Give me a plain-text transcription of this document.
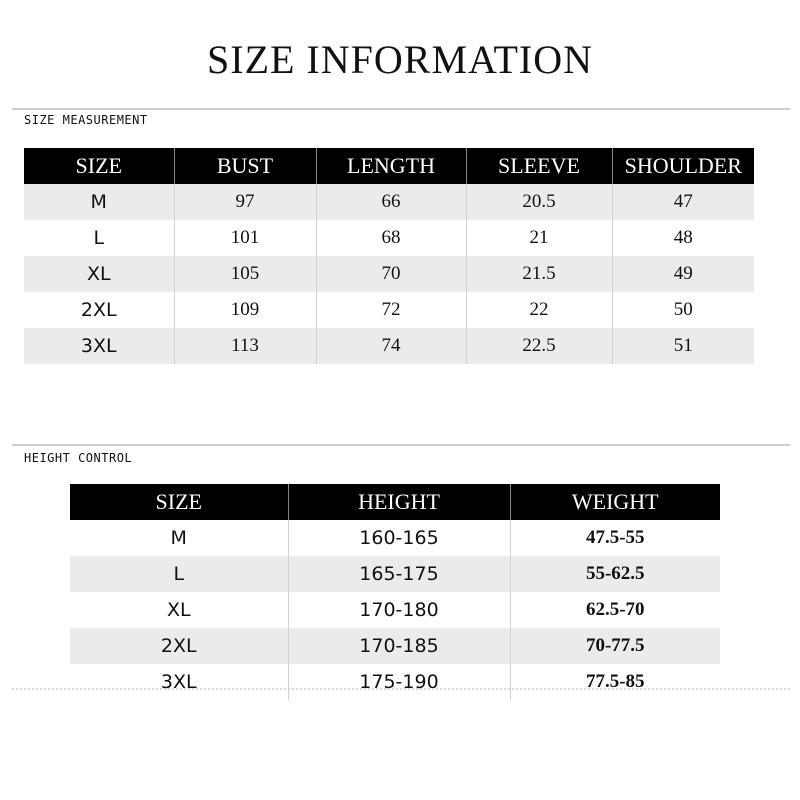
SIZE INFORMATION
SIZE MEASUREMENT
SIZE	BUST	LENGTH	SLEEVE	SHOULDER
M	97	66	20.5	47
L	101	68	21	48
XL	105	70	21.5	49
2XL	109	72	22	50
3XL	113	74	22.5	51
HEIGHT CONTROL
SIZE	HEIGHT	WEIGHT
M	160-165	47.5-55
L	165-175	55-62.5
XL	170-180	62.5-70
2XL	170-185	70-77.5
3XL	175-190	77.5-85
